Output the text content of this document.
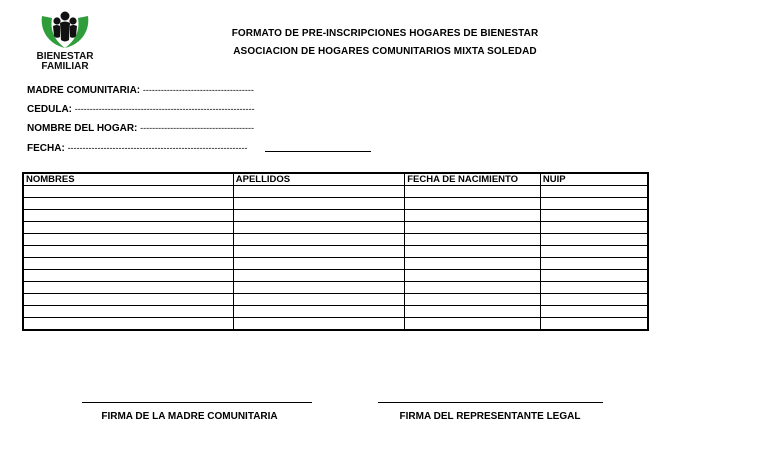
BIENESTAR
FAMILIAR
FORMATO DE PRE-INSCRIPCIONES HOGARES DE BIENESTAR
ASOCIACION DE HOGARES COMUNITARIOS MIXTA SOLEDAD
MADRE COMUNITARIA: -------------------------------------
CEDULA: ------------------------------------------------------------
NOMBRE DEL HOGAR: --------------------------------------
FECHA: ------------------------------------------------------------
NOMBRES	APELLIDOS	FECHA DE NACIMIENTO	NUIP

FIRMA DE LA MADRE COMUNITARIA	FIRMA DEL REPRESENTANTE LEGAL
